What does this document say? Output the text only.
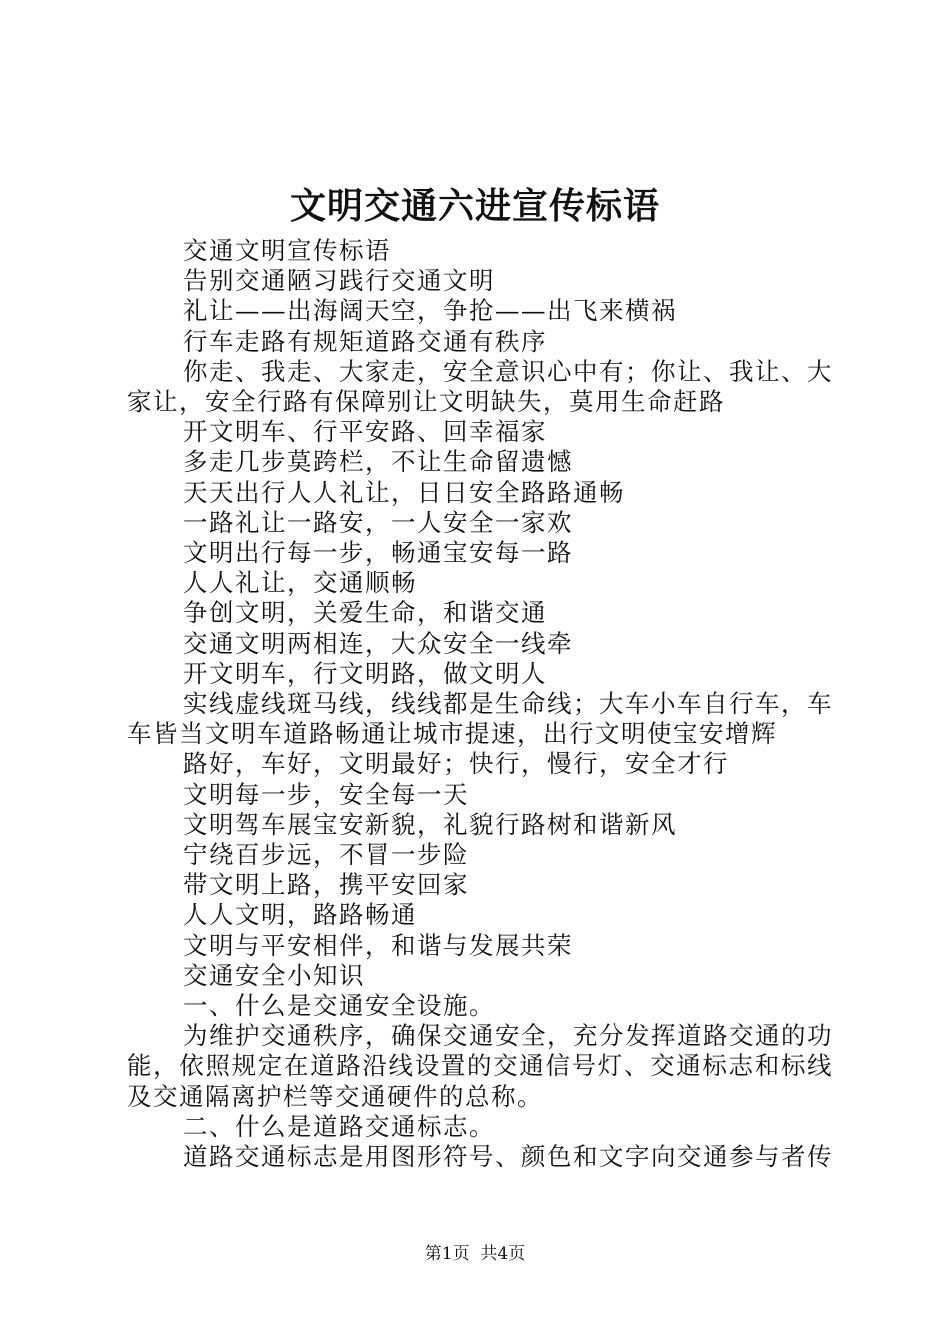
文明交通六进宣传标语

交通文明宣传标语

告别交通陋习践行交通文明

礼让——出海阔天空，争抢——出飞来横祸

行车走路有规矩道路交通有秩序

你走、我走、大家走，安全意识心中有；你让、我让、大家让，安全行路有保障别让文明缺失，莫用生命赶路

开文明车、行平安路、回幸福家

多走几步莫跨栏，不让生命留遗憾

天天出行人人礼让，日日安全路路通畅

一路礼让一路安，一人安全一家欢

文明出行每一步，畅通宝安每一路

人人礼让，交通顺畅

争创文明，关爱生命，和谐交通

交通文明两相连，大众安全一线牵

开文明车，行文明路，做文明人

实线虚线斑马线，线线都是生命线；大车小车自行车，车车皆当文明车道路畅通让城市提速，出行文明使宝安增辉

路好，车好，文明最好；快行，慢行，安全才行

文明每一步，安全每一天

文明驾车展宝安新貌，礼貌行路树和谐新风

宁绕百步远，不冒一步险

带文明上路，携平安回家

人人文明，路路畅通

文明与平安相伴，和谐与发展共荣

交通安全小知识

一、什么是交通安全设施。

为维护交通秩序，确保交通安全，充分发挥道路交通的功能，依照规定在道路沿线设置的交通信号灯、交通标志和标线及交通隔离护栏等交通硬件的总称。

二、什么是道路交通标志。

道路交通标志是用图形符号、颜色和文字向交通参与者传

第1页  共4页
